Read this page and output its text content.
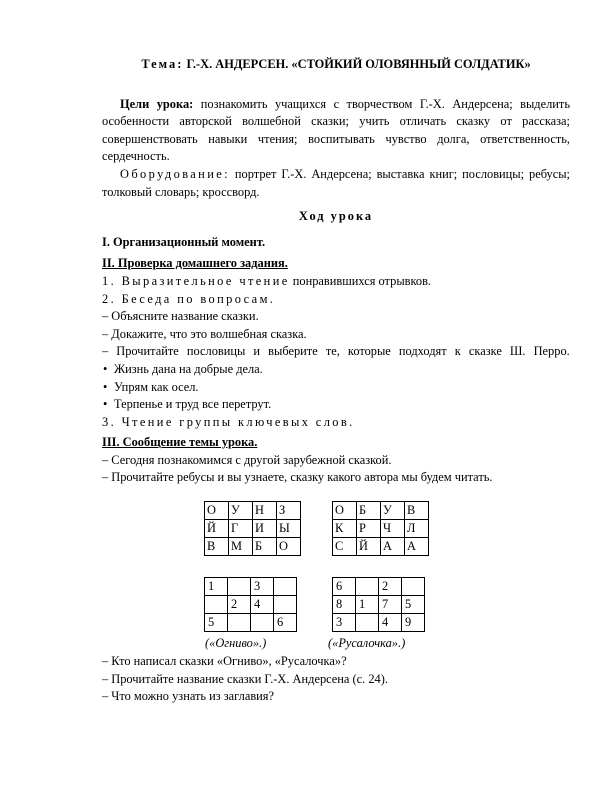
Тема: Г.-Х. АНДЕРСЕН. «СТОЙКИЙ ОЛОВЯННЫЙ СОЛДАТИК»

Цели урока: познакомить учащихся с творчеством Г.-Х. Андерсена; выделить особенности авторской волшебной сказки; учить отличать сказку от рассказа; совершенствовать навыки чтения; воспитывать чувство долга, ответственность, сердечность.

Оборудование: портрет Г.-Х. Андерсена; выставка книг; пословицы; ребусы; толковый словарь; кроссворд.

Ход урока

I. Организационный момент.

II. Проверка домашнего задания.

1. Выразительное чтение понравившихся отрывков.

2. Беседа по вопросам.

– Объясните название сказки.

– Докажите, что это волшебная сказка.

– Прочитайте пословицы и выберите те, которые подходят к сказке Ш. Перро.

• Жизнь дана на добрые дела.

• Упрям как осел.

• Терпенье и труд все перетрут.

3. Чтение группы ключевых слов.

III. Сообщение темы урока.

– Сегодня познакомимся с другой зарубежной сказкой.

– Прочитайте ребусы и вы узнаете, сказку какого автора мы будем читать.

О	У	Н	З
Й	Г	И	Ы
В	М	Б	О
О	Б	У	В
К	Р	Ч	Л
С	Й	А	А
1		3	
	2	4	
5			6
6		2	
8	1	7	5
3		4	9
(«Огниво».)	(«Русалочка».)

– Кто написал сказки «Огниво», «Русалочка»?

– Прочитайте название сказки Г.-Х. Андерсена (с. 24).

– Что можно узнать из заглавия?
